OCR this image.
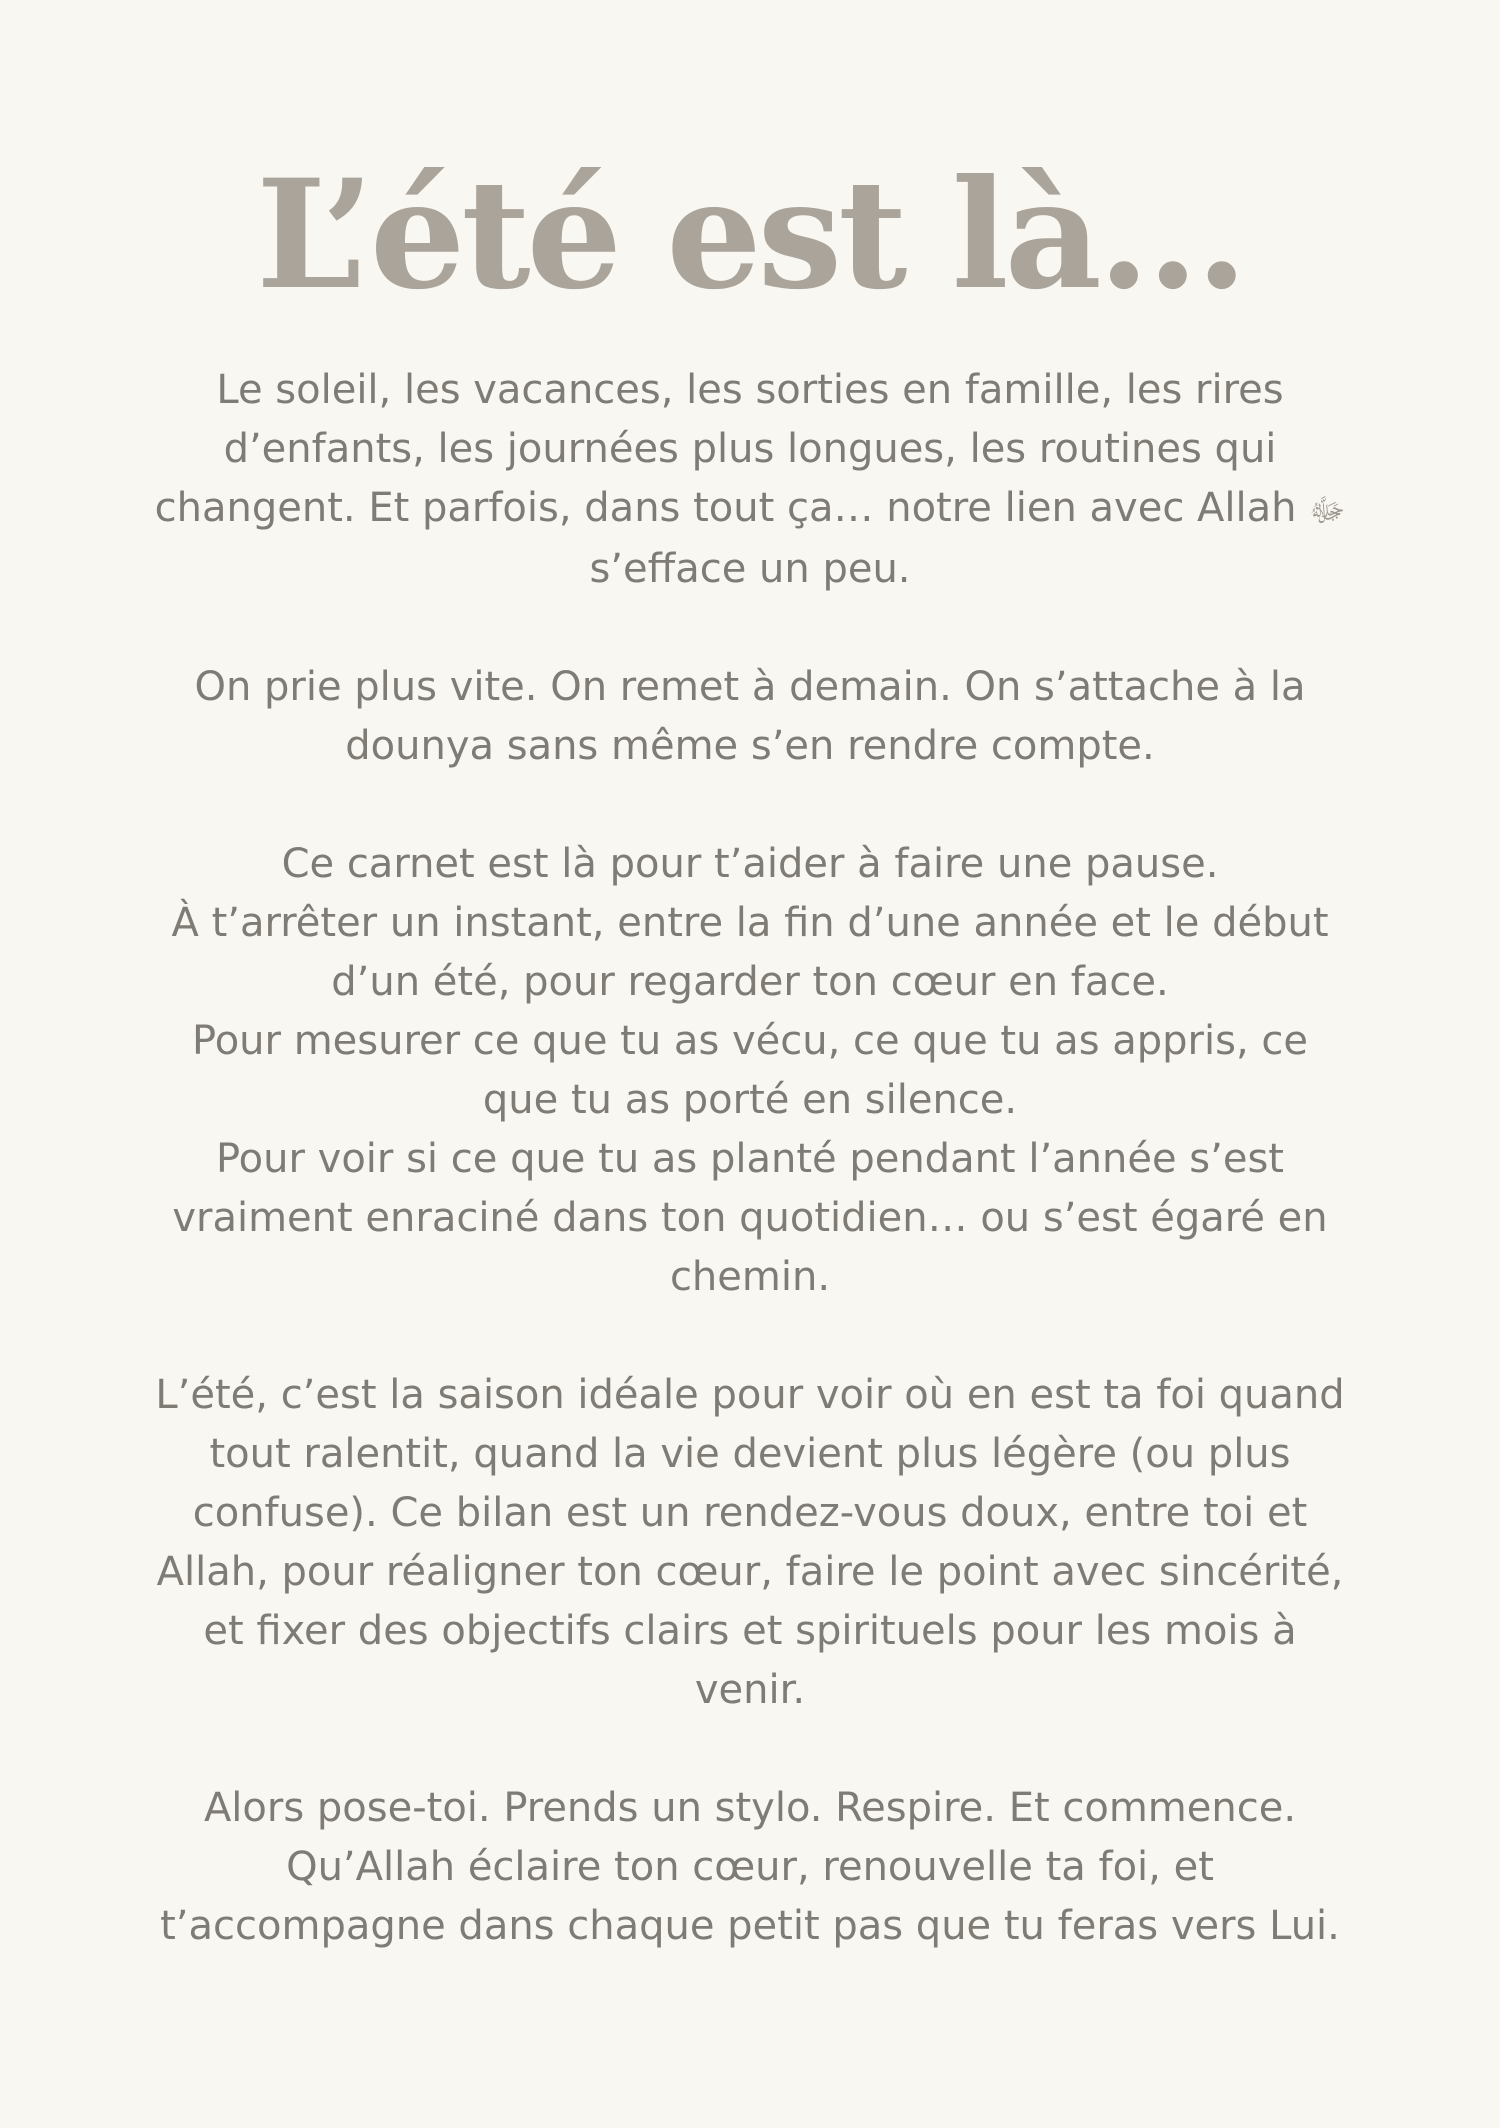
L’été est là…

Le soleil, les vacances, les sorties en famille, les rires
d’enfants, les journées plus longues, les routines qui
changent. Et parfois, dans tout ça… notre lien avec Allah ﷻ
s’efface un peu.

On prie plus vite. On remet à demain. On s’attache à la
dounya sans même s’en rendre compte.

Ce carnet est là pour t’aider à faire une pause.
À t’arrêter un instant, entre la fin d’une année et le début
d’un été, pour regarder ton cœur en face.
Pour mesurer ce que tu as vécu, ce que tu as appris, ce
que tu as porté en silence.
Pour voir si ce que tu as planté pendant l’année s’est
vraiment enraciné dans ton quotidien… ou s’est égaré en
chemin.

L’été, c’est la saison idéale pour voir où en est ta foi quand
tout ralentit, quand la vie devient plus légère (ou plus
confuse). Ce bilan est un rendez-vous doux, entre toi et
Allah, pour réaligner ton cœur, faire le point avec sincérité,
et fixer des objectifs clairs et spirituels pour les mois à
venir.

Alors pose-toi. Prends un stylo. Respire. Et commence.
Qu’Allah éclaire ton cœur, renouvelle ta foi, et
t’accompagne dans chaque petit pas que tu feras vers Lui.
